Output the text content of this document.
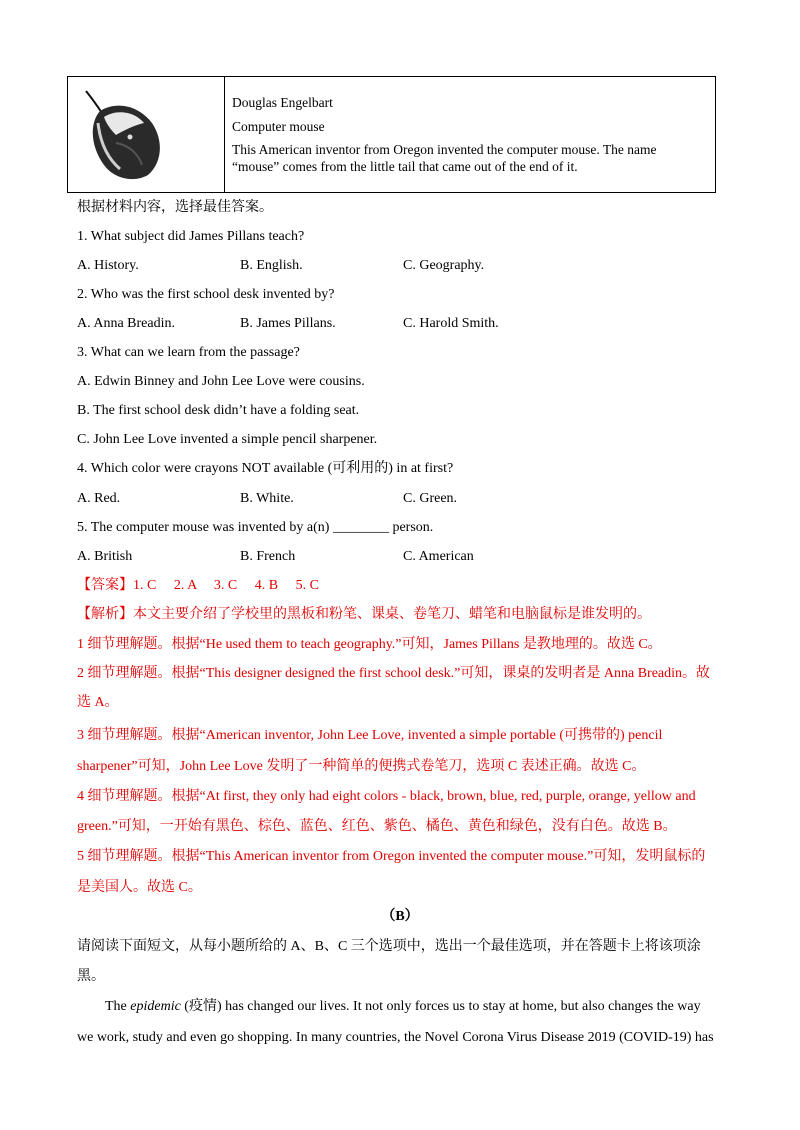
Douglas Engelbart
Computer mouse
This American inventor from Oregon invented the computer mouse. The name
“mouse” comes from the little tail that came out of the end of it.
根据材料内容，选择最佳答案。
1. What subject did James Pillans teach?
A. History.	B. English.	C. Geography.
2. Who was the first school desk invented by?
A. Anna Breadin.	B. James Pillans.	C. Harold Smith.
3. What can we learn from the passage?
A. Edwin Binney and John Lee Love were cousins.
B. The first school desk didn’t have a folding seat.
C. John Lee Love invented a simple pencil sharpener.
4. Which color were crayons NOT available (可利用的) in at first?
A. Red.	B. White.	C. Green.
5. The computer mouse was invented by a(n) ________ person.
A. British	B. French	C. American
【答案】1. C     2. A     3. C     4. B     5. C
【解析】本文主要介绍了学校里的黑板和粉笔、课桌、卷笔刀、蜡笔和电脑鼠标是谁发明的。
1 细节理解题。根据“He used them to teach geography.”可知，James Pillans 是教地理的。故选 C。
2 细节理解题。根据“This designer designed the first school desk.”可知，课桌的发明者是 Anna Breadin。故
选 A。
3 细节理解题。根据“American inventor, John Lee Love, invented a simple portable (可携带的) pencil
sharpener”可知，John Lee Love 发明了一种简单的便携式卷笔刀，选项 C 表述正确。故选 C。
4 细节理解题。根据“At first, they only had eight colors - black, brown, blue, red, purple, orange, yellow and
green.”可知，一开始有黑色、棕色、蓝色、红色、紫色、橘色、黄色和绿色，没有白色。故选 B。
5 细节理解题。根据“This American inventor from Oregon invented the computer mouse.”可知，发明鼠标的
是美国人。故选 C。
（B）
请阅读下面短文，从每小题所给的 A、B、C 三个选项中，选出一个最佳选项，并在答题卡上将该项涂
黑。
The epidemic (疫情) has changed our lives. It not only forces us to stay at home, but also changes the way
we work, study and even go shopping. In many countries, the Novel Corona Virus Disease 2019 (COVID-19) has
